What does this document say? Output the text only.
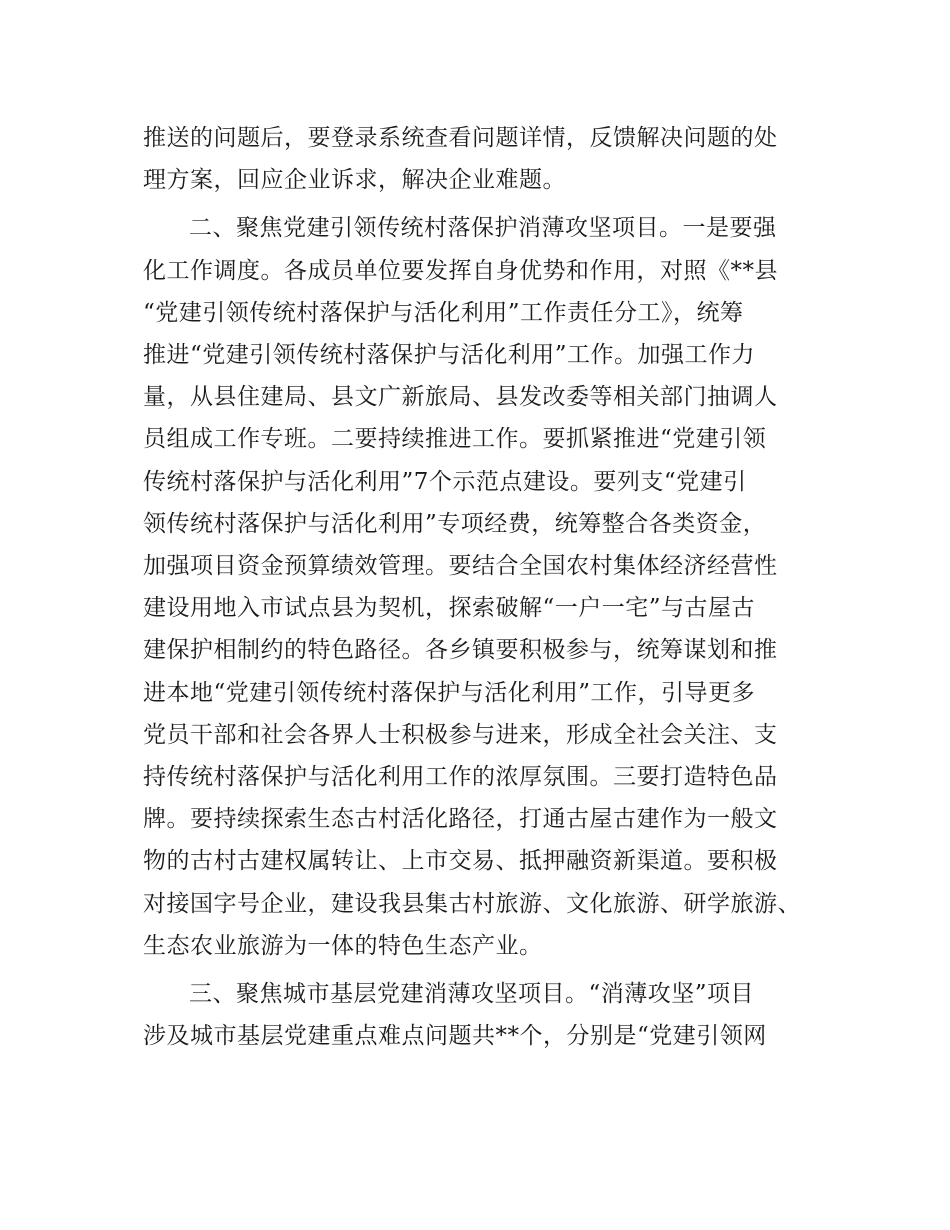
推送的问题后，要登录系统查看问题详情，反馈解决问题的处
理方案，回应企业诉求，解决企业难题。

二、聚焦党建引领传统村落保护消薄攻坚项目。一是要强
化工作调度。各成员单位要发挥自身优势和作用，对照《**县
“党建引领传统村落保护与活化利用”工作责任分工》，统筹
推进“党建引领传统村落保护与活化利用”工作。加强工作力
量，从县住建局、县文广新旅局、县发改委等相关部门抽调人
员组成工作专班。二要持续推进工作。要抓紧推进“党建引领
传统村落保护与活化利用”7个示范点建设。要列支“党建引
领传统村落保护与活化利用”专项经费，统筹整合各类资金，
加强项目资金预算绩效管理。要结合全国农村集体经济经营性
建设用地入市试点县为契机，探索破解“一户一宅”与古屋古
建保护相制约的特色路径。各乡镇要积极参与，统筹谋划和推
进本地“党建引领传统村落保护与活化利用”工作，引导更多
党员干部和社会各界人士积极参与进来，形成全社会关注、支
持传统村落保护与活化利用工作的浓厚氛围。三要打造特色品
牌。要持续探索生态古村活化路径，打通古屋古建作为一般文
物的古村古建权属转让、上市交易、抵押融资新渠道。要积极
对接国字号企业，建设我县集古村旅游、文化旅游、研学旅游、
生态农业旅游为一体的特色生态产业。

三、聚焦城市基层党建消薄攻坚项目。“消薄攻坚”项目
涉及城市基层党建重点难点问题共**个，分别是“党建引领网
